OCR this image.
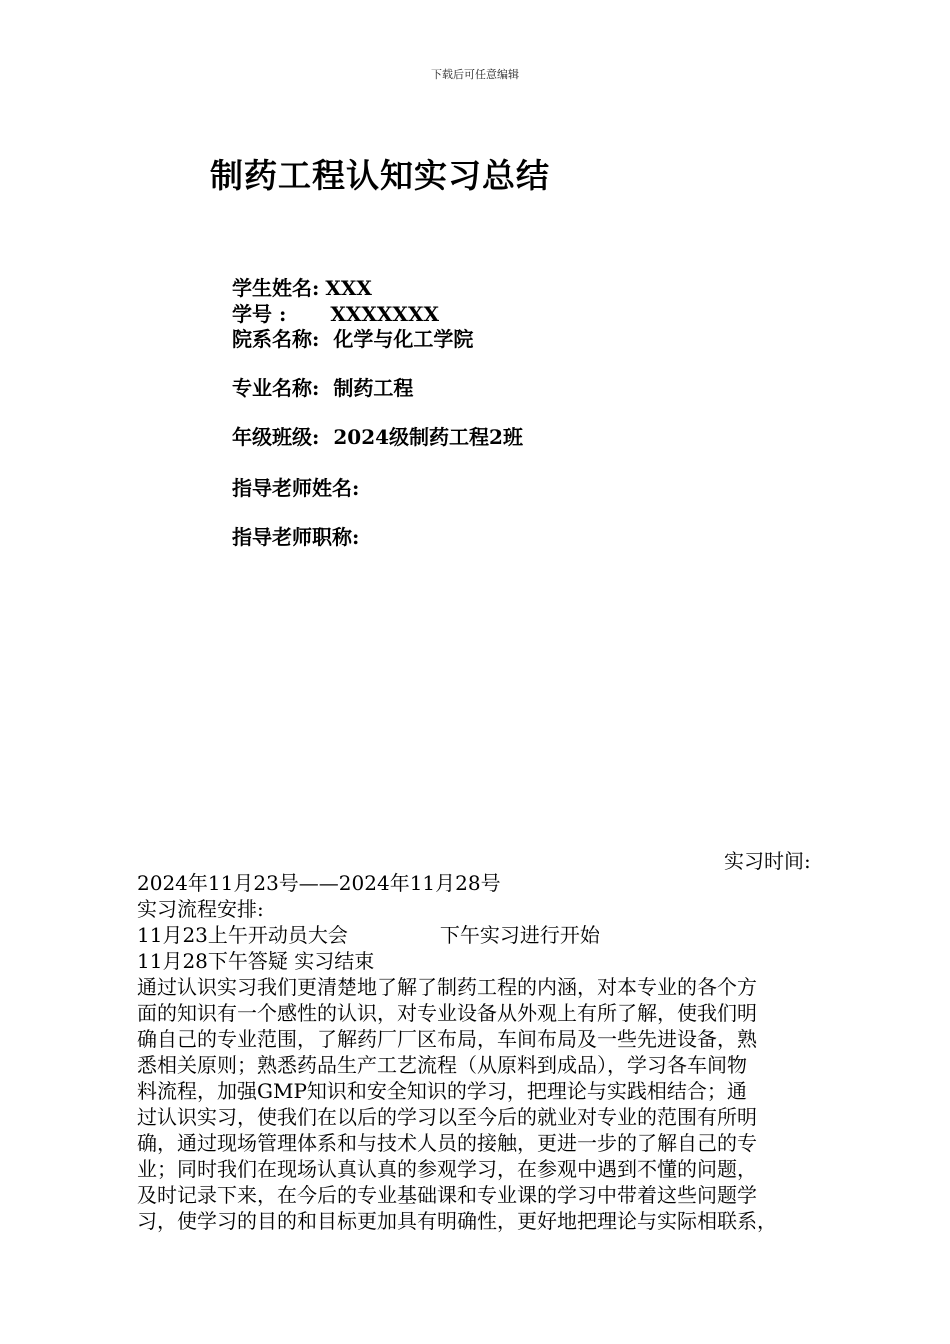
下载后可任意编辑
制药工程认知实习总结
学生姓名: XXX
学号 : XXXXXXX
院系名称: 化学与化工学院
专业名称: 制药工程
年级班级: 2024级制药工程2班
指导老师姓名:
指导老师职称:
实习时间:
2024年11月23号——2024年11月28号
实习流程安排:
11月23上午开动员大会	下午实习进行开始
11月28下午答疑 实习结束
通过认识实习我们更清楚地了解了制药工程的内涵，对本专业的各个方
面的知识有一个感性的认识，对专业设备从外观上有所了解，使我们明
确自己的专业范围，了解药厂厂区布局，车间布局及一些先进设备，熟
悉相关原则；熟悉药品生产工艺流程（从原料到成品），学习各车间物
料流程，加强GMP知识和安全知识的学习，把理论与实践相结合；通
过认识实习，使我们在以后的学习以至今后的就业对专业的范围有所明
确，通过现场管理体系和与技术人员的接触，更进一步的了解自己的专
业；同时我们在现场认真认真的参观学习，在参观中遇到不懂的问题，
及时记录下来，在今后的专业基础课和专业课的学习中带着这些问题学
习，使学习的目的和目标更加具有明确性，更好地把理论与实际相联系，
